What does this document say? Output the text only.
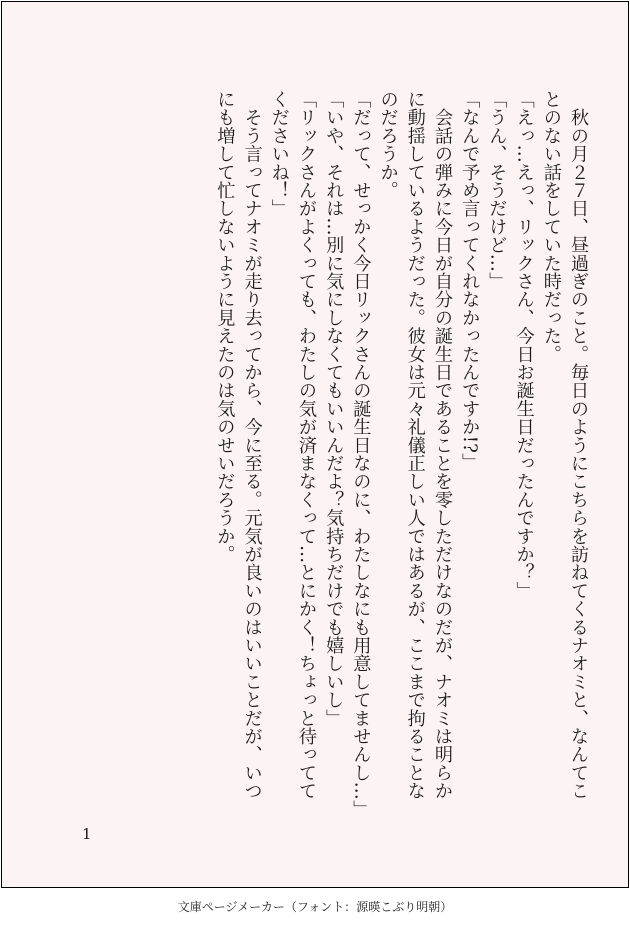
　秋の月２７日、昼過ぎのこと。毎日のようにこちらを訪ねてくるナオミと、なんてことのない話をしていた時だった。

「えっ…えっ、リックさん、今日お誕生日だったんですか？」

「うん、そうだけど…」

「なんで予め言ってくれなかったんですか!?」

　会話の弾みに今日が自分の誕生日であることを零しただけなのだが、ナオミは明らかに動揺しているようだった。彼女は元々礼儀正しい人ではあるが、ここまで拘ることなのだろうか。

「だって、せっかく今日リックさんの誕生日なのに、わたしなにも用意してませんし…」

「いや、それは…別に気にしなくてもいいんだよ？気持ちだけでも嬉しいし」

「リックさんがよくっても、わたしの気が済まなくって…とにかく！ちょっと待っててくださいね！」

　そう言ってナオミが走り去ってから、今に至る。元気が良いのはいいことだが、いつにも増して忙しないように見えたのは気のせいだろうか。

1
文庫ページメーカー（フォント：源暎こぶり明朝）
